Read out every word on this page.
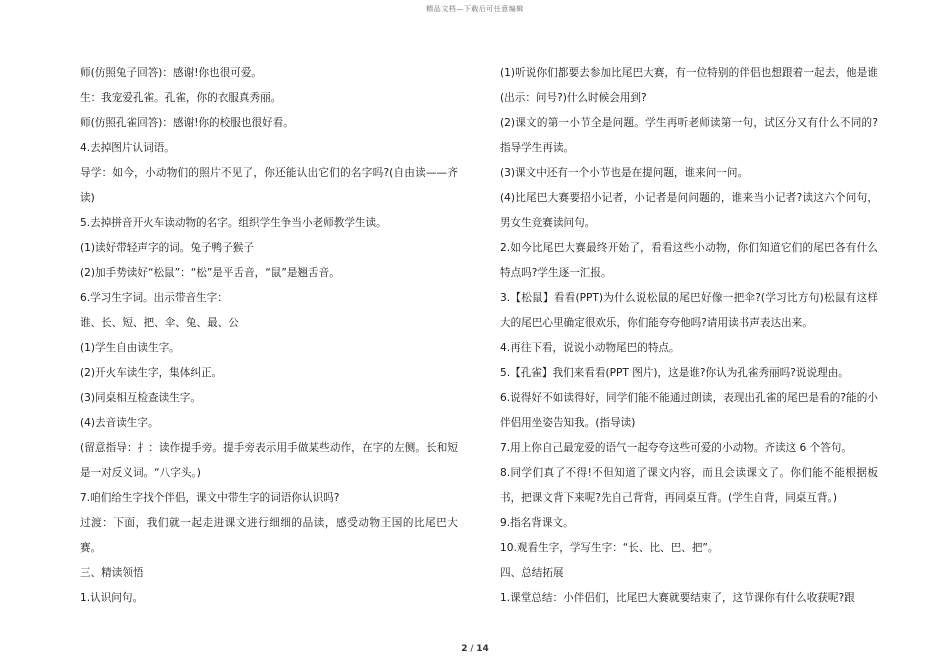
精品文档—下载后可任意编辑

师(仿照兔子回答)：感谢!你也很可爱。

生：我宠爱孔雀。孔雀，你的衣服真秀丽。

师(仿照孔雀回答)：感谢!你的校服也很好看。

4.去掉图片认词语。

导学：如今，小动物们的照片不见了，你还能认出它们的名字吗?(自由读——齐读)

5.去掉拼音开火车读动物的名字。组织学生争当小老师教学生读。

(1)读好带轻声字的词。兔子鸭子猴子

(2)加手势读好“松鼠”：“松”是平舌音，“鼠”是翘舌音。

6.学习生字词。出示带音生字：

谁、长、短、把、伞、兔、最、公

(1)学生自由读生字。

(2)开火车读生字，集体纠正。

(3)同桌相互检查读生字。

(4)去音读生字。

(留意指导：扌：读作提手旁。提手旁表示用手做某些动作，在字的左侧。长和短是一对反义词。“八字头。)

7.咱们给生字找个伴侣，课文中带生字的词语你认识吗?

过渡：下面，我们就一起走进课文进行细细的品读，感受动物王国的比尾巴大赛。

三、精读领悟

1.认识问句。

(1)听说你们都要去参加比尾巴大赛，有一位特别的伴侣也想跟着一起去，他是谁(出示：问号?)什么时候会用到?

(2)课文的第一小节全是问题。学生再听老师读第一句，试区分又有什么不同的?指导学生再读。

(3)课文中还有一个小节也是在提问题，谁来问一问。

(4)比尾巴大赛要招小记者，小记者是问问题的，谁来当小记者?读这六个问句，男女生竞赛读问句。

2.如今比尾巴大赛最终开始了，看看这些小动物，你们知道它们的尾巴各有什么特点吗?学生逐一汇报。

3.【松鼠】看看(PPT)为什么说松鼠的尾巴好像一把伞?(学习比方句)松鼠有这样大的尾巴心里确定很欢乐，你们能夸夸他吗?请用读书声表达出来。

4.再往下看，说说小动物尾巴的特点。

5.【孔雀】我们来看看(PPT 图片)，这是谁?你认为孔雀秀丽吗?说说理由。

6.说得好不如读得好，同学们能不能通过朗读，表现出孔雀的尾巴是看的?能的小伴侣用坐姿告知我。(指导读)

7.用上你自己最宠爱的语气一起夸夸这些可爱的小动物。齐读这 6 个答句。

8.同学们真了不得!不但知道了课文内容，而且会读课文了。你们能不能根据板书，把课文背下来呢?先自己背背，再同桌互背。(学生自背，同桌互背。)

9.指名背课文。

10.观看生字，学写生字：“长、比、巴、把”。

四、总结拓展

1.课堂总结：小伴侣们，比尾巴大赛就要结束了，这节课你有什么收获呢?跟

2 / 14
